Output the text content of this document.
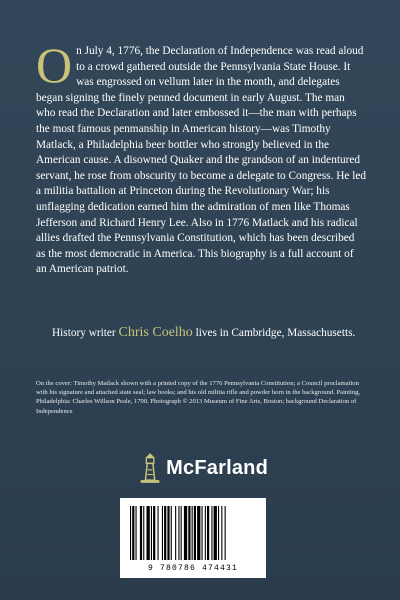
On July 4, 1776, the Declaration of Independence was read aloud to a crowd gathered outside the Pennsylvania State House. It was engrossed on vellum later in the month, and delegates began signing the finely penned document in early August. The man who read the Declaration and later embossed it—the man with perhaps the most famous penmanship in American history—was Timothy Matlack, a Philadelphia beer bottler who strongly believed in the American cause. A disowned Quaker and the grandson of an indentured servant, he rose from obscurity to become a delegate to Congress. He led a militia battalion at Princeton during the Revolutionary War; his unflagging dedication earned him the admiration of men like Thomas Jefferson and Richard Henry Lee. Also in 1776 Matlack and his radical allies drafted the Pennsylvania Constitution, which has been described as the most democratic in America. This biography is a full account of an American patriot.

History writer Chris Coelho lives in Cambridge, Massachusetts.

On the cover: Timothy Matlack shown with a printed copy of the 1776 Pennsylvania Constitution; a Council proclamation with his signature and attached state seal; law books; and his old militia rifle and powder horn in the background. Painting, Philadelphia: Charles Willson Peale, 1790. Photograph © 2013 Museum of Fine Arts, Boston; background Declaration of Independence

McFarland
9 780786 474431
